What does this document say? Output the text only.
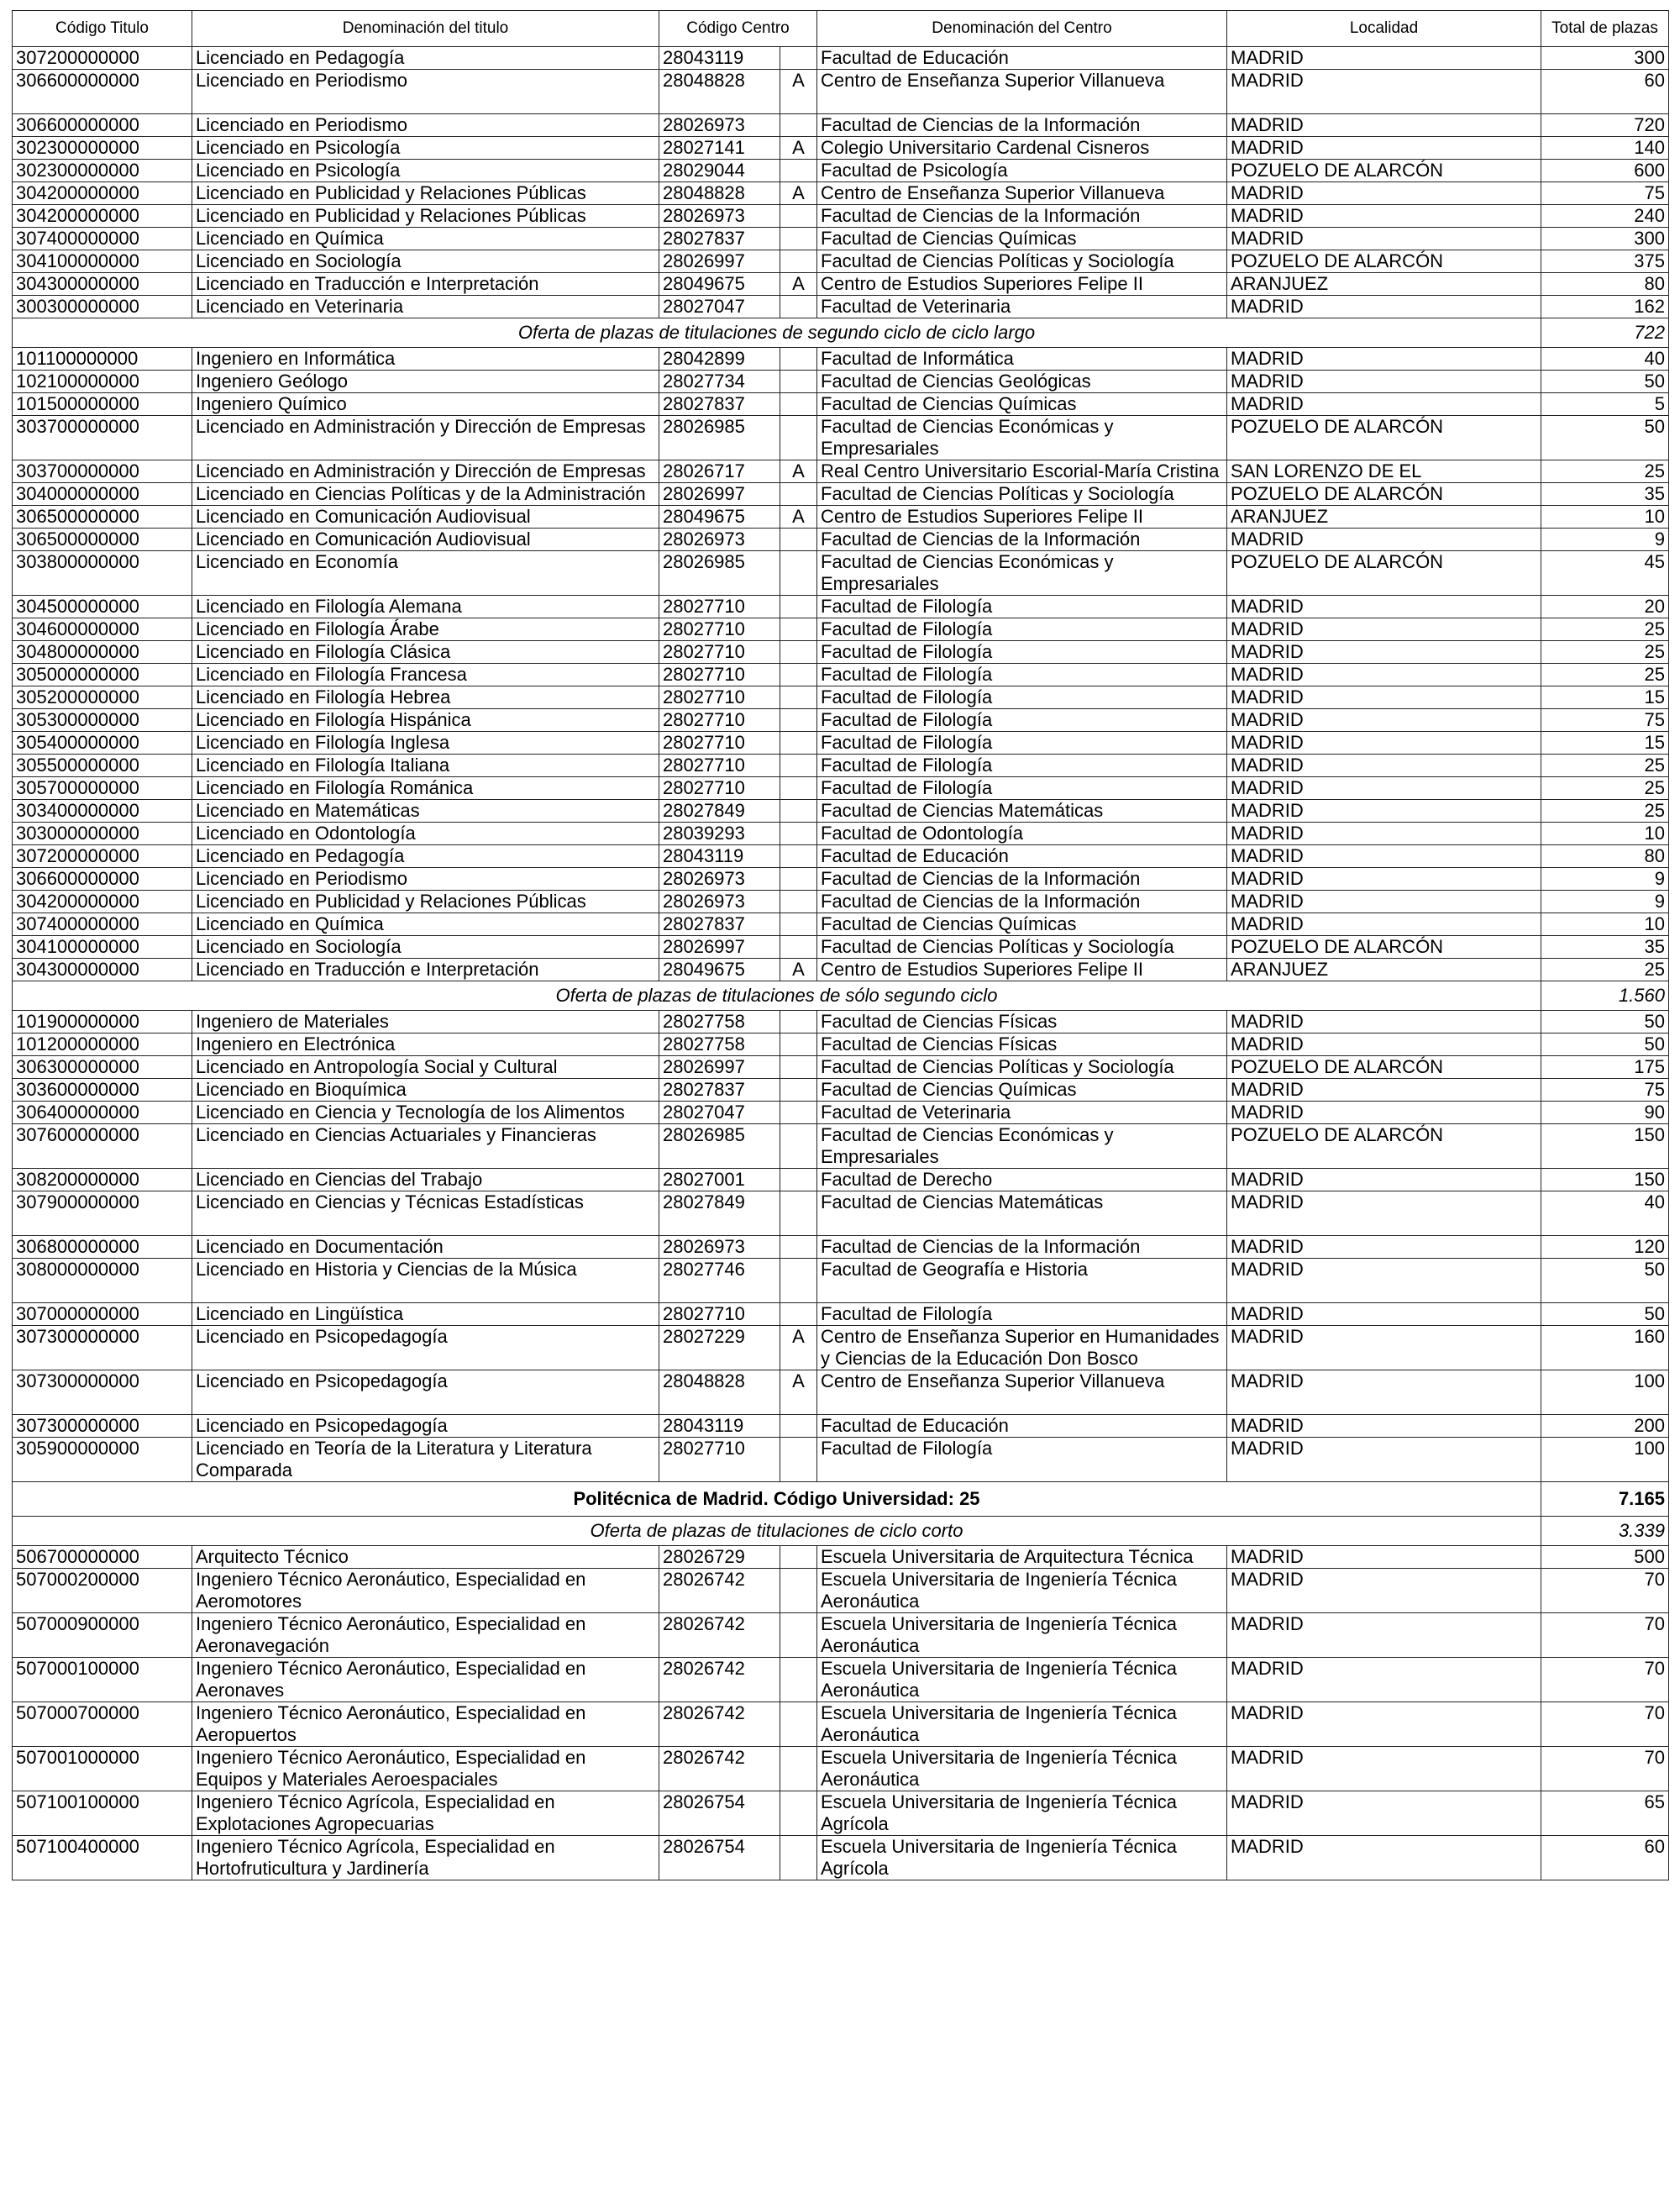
Código Titulo	Denominación del titulo	Código Centro		Denominación del Centro	Localidad	Total de plazas
307200000000	Licenciado en Pedagogía	28043119		Facultad de Educación	MADRID	300
306600000000	Licenciado en Periodismo	28048828	A	Centro de Enseñanza Superior Villanueva	MADRID	60
306600000000	Licenciado en Periodismo	28026973		Facultad de Ciencias de la Información	MADRID	720
302300000000	Licenciado en Psicología	28027141	A	Colegio Universitario Cardenal Cisneros	MADRID	140
302300000000	Licenciado en Psicología	28029044		Facultad de Psicología	POZUELO DE ALARCÓN	600
304200000000	Licenciado en Publicidad y Relaciones Públicas	28048828	A	Centro de Enseñanza Superior Villanueva	MADRID	75
304200000000	Licenciado en Publicidad y Relaciones Públicas	28026973		Facultad de Ciencias de la Información	MADRID	240
307400000000	Licenciado en Química	28027837		Facultad de Ciencias Químicas	MADRID	300
304100000000	Licenciado en Sociología	28026997		Facultad de Ciencias Políticas y Sociología	POZUELO DE ALARCÓN	375
304300000000	Licenciado en Traducción e Interpretación	28049675	A	Centro de Estudios Superiores Felipe II	ARANJUEZ	80
300300000000	Licenciado en Veterinaria	28027047		Facultad de Veterinaria	MADRID	162
Oferta de plazas de titulaciones de segundo ciclo de ciclo largo						722
101100000000	Ingeniero en Informática	28042899		Facultad de Informática	MADRID	40
102100000000	Ingeniero Geólogo	28027734		Facultad de Ciencias Geológicas	MADRID	50
101500000000	Ingeniero Químico	28027837		Facultad de Ciencias Químicas	MADRID	5
303700000000	Licenciado en Administración y Dirección de Empresas	28026985		Facultad de Ciencias Económicas y Empresariales	POZUELO DE ALARCÓN	50
303700000000	Licenciado en Administración y Dirección de Empresas	28026717	A	Real Centro Universitario Escorial-María Cristina	SAN LORENZO DE EL	25
304000000000	Licenciado en Ciencias Políticas y de la Administración	28026997		Facultad de Ciencias Políticas y Sociología	POZUELO DE ALARCÓN	35
306500000000	Licenciado en Comunicación Audiovisual	28049675	A	Centro de Estudios Superiores Felipe II	ARANJUEZ	10
306500000000	Licenciado en Comunicación Audiovisual	28026973		Facultad de Ciencias de la Información	MADRID	9
303800000000	Licenciado en Economía	28026985		Facultad de Ciencias Económicas y Empresariales	POZUELO DE ALARCÓN	45
304500000000	Licenciado en Filología Alemana	28027710		Facultad de Filología	MADRID	20
304600000000	Licenciado en Filología Árabe	28027710		Facultad de Filología	MADRID	25
304800000000	Licenciado en Filología Clásica	28027710		Facultad de Filología	MADRID	25
305000000000	Licenciado en Filología Francesa	28027710		Facultad de Filología	MADRID	25
305200000000	Licenciado en Filología Hebrea	28027710		Facultad de Filología	MADRID	15
305300000000	Licenciado en Filología Hispánica	28027710		Facultad de Filología	MADRID	75
305400000000	Licenciado en Filología Inglesa	28027710		Facultad de Filología	MADRID	15
305500000000	Licenciado en Filología Italiana	28027710		Facultad de Filología	MADRID	25
305700000000	Licenciado en Filología Románica	28027710		Facultad de Filología	MADRID	25
303400000000	Licenciado en Matemáticas	28027849		Facultad de Ciencias Matemáticas	MADRID	25
303000000000	Licenciado en Odontología	28039293		Facultad de Odontología	MADRID	10
307200000000	Licenciado en Pedagogía	28043119		Facultad de Educación	MADRID	80
306600000000	Licenciado en Periodismo	28026973		Facultad de Ciencias de la Información	MADRID	9
304200000000	Licenciado en Publicidad y Relaciones Públicas	28026973		Facultad de Ciencias de la Información	MADRID	9
307400000000	Licenciado en Química	28027837		Facultad de Ciencias Químicas	MADRID	10
304100000000	Licenciado en Sociología	28026997		Facultad de Ciencias Políticas y Sociología	POZUELO DE ALARCÓN	35
304300000000	Licenciado en Traducción e Interpretación	28049675	A	Centro de Estudios Superiores Felipe II	ARANJUEZ	25
Oferta de plazas de titulaciones de sólo segundo ciclo						1.560
101900000000	Ingeniero de Materiales	28027758		Facultad de Ciencias Físicas	MADRID	50
101200000000	Ingeniero en Electrónica	28027758		Facultad de Ciencias Físicas	MADRID	50
306300000000	Licenciado en Antropología Social y Cultural	28026997		Facultad de Ciencias Políticas y Sociología	POZUELO DE ALARCÓN	175
303600000000	Licenciado en Bioquímica	28027837		Facultad de Ciencias Químicas	MADRID	75
306400000000	Licenciado en Ciencia y Tecnología de los Alimentos	28027047		Facultad de Veterinaria	MADRID	90
307600000000	Licenciado en Ciencias Actuariales y Financieras	28026985		Facultad de Ciencias Económicas y Empresariales	POZUELO DE ALARCÓN	150
308200000000	Licenciado en Ciencias del Trabajo	28027001		Facultad de Derecho	MADRID	150
307900000000	Licenciado en Ciencias y Técnicas Estadísticas	28027849		Facultad de Ciencias Matemáticas	MADRID	40
306800000000	Licenciado en Documentación	28026973		Facultad de Ciencias de la Información	MADRID	120
308000000000	Licenciado en Historia y Ciencias de la Música	28027746		Facultad de Geografía e Historia	MADRID	50
307000000000	Licenciado en Lingüística	28027710		Facultad de Filología	MADRID	50
307300000000	Licenciado en Psicopedagogía	28027229	A	Centro de Enseñanza Superior en Humanidades y Ciencias de la Educación Don Bosco	MADRID	160
307300000000	Licenciado en Psicopedagogía	28048828	A	Centro de Enseñanza Superior Villanueva	MADRID	100
307300000000	Licenciado en Psicopedagogía	28043119		Facultad de Educación	MADRID	200
305900000000	Licenciado en Teoría de la Literatura y Literatura Comparada	28027710		Facultad de Filología	MADRID	100
Politécnica de Madrid. Código Universidad: 25						7.165
Oferta de plazas de titulaciones de ciclo corto						3.339
506700000000	Arquitecto Técnico	28026729		Escuela Universitaria de Arquitectura Técnica	MADRID	500
507000200000	Ingeniero Técnico Aeronáutico, Especialidad en Aeromotores	28026742		Escuela Universitaria de Ingeniería Técnica Aeronáutica	MADRID	70
507000900000	Ingeniero Técnico Aeronáutico, Especialidad en Aeronavegación	28026742		Escuela Universitaria de Ingeniería Técnica Aeronáutica	MADRID	70
507000100000	Ingeniero Técnico Aeronáutico, Especialidad en Aeronaves	28026742		Escuela Universitaria de Ingeniería Técnica Aeronáutica	MADRID	70
507000700000	Ingeniero Técnico Aeronáutico, Especialidad en Aeropuertos	28026742		Escuela Universitaria de Ingeniería Técnica Aeronáutica	MADRID	70
507001000000	Ingeniero Técnico Aeronáutico, Especialidad en Equipos y Materiales Aeroespaciales	28026742		Escuela Universitaria de Ingeniería Técnica Aeronáutica	MADRID	70
507100100000	Ingeniero Técnico Agrícola, Especialidad en Explotaciones Agropecuarias	28026754		Escuela Universitaria de Ingeniería Técnica Agrícola	MADRID	65
507100400000	Ingeniero Técnico Agrícola, Especialidad en Hortofruticultura y Jardinería	28026754		Escuela Universitaria de Ingeniería Técnica Agrícola	MADRID	60
